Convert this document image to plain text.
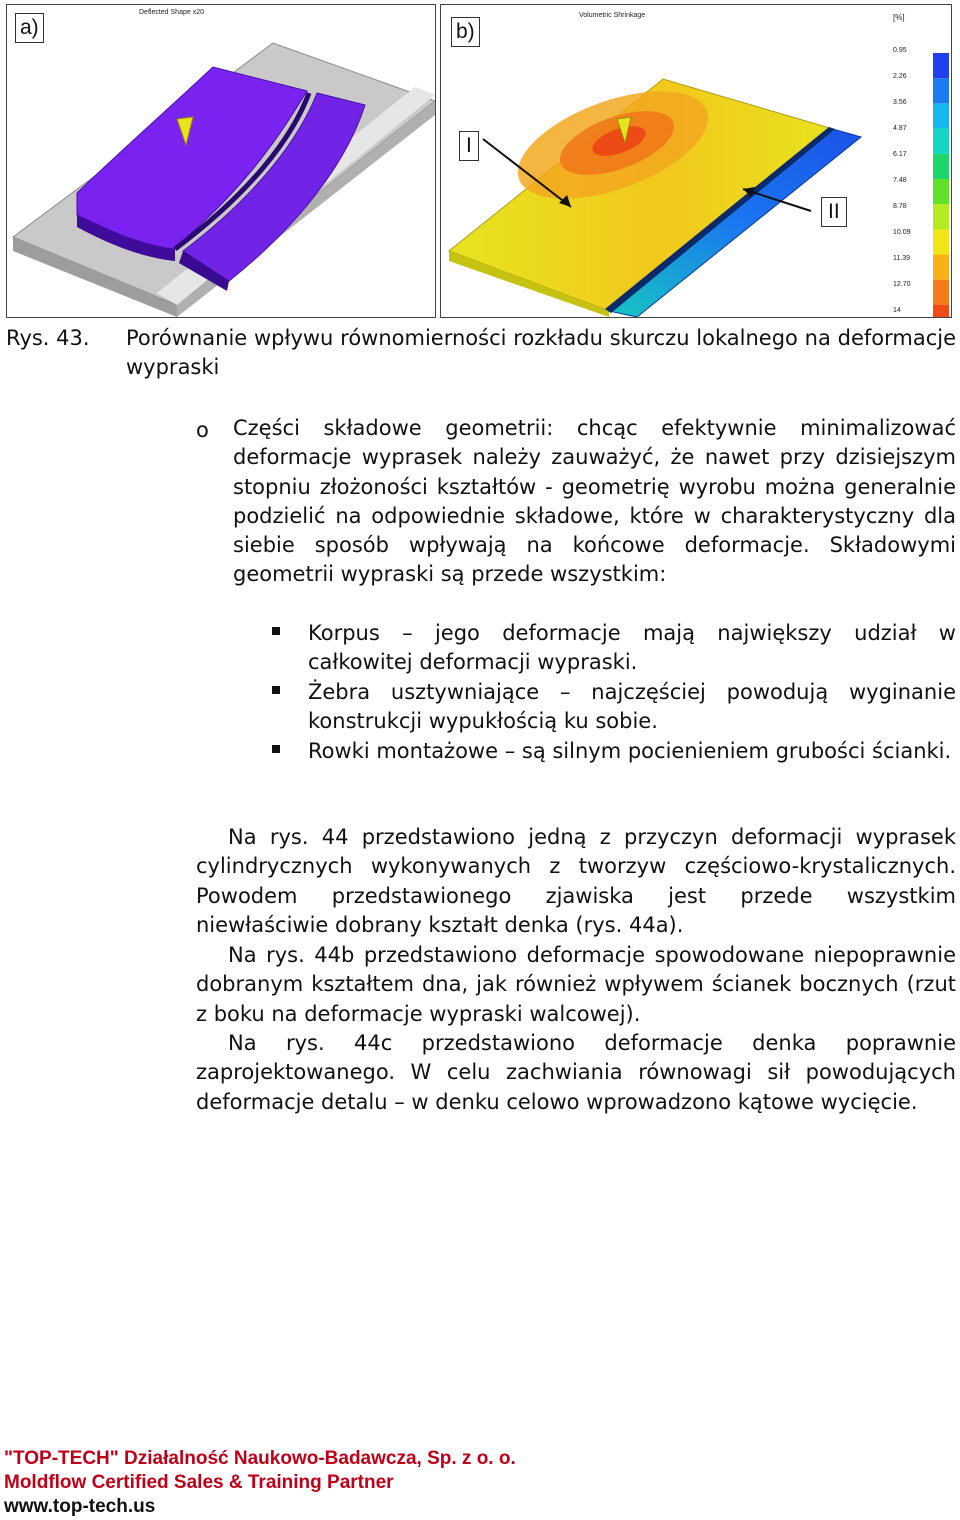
a)
Deflected Shape x20
b)
Volumetric Shrinkage	[%]
I
II
0.95
2.26
3.56
4.87
6.17
7.48
8.78
10.09
11.39
12.70
14
Rys. 43. Porównanie wpływu równomierności rozkładu skurczu lokalnego na deformacje wypraski
o Części składowe geometrii: chcąc efektywnie minimalizować deformacje wyprasek należy zauważyć, że nawet przy dzisiejszym stopniu złożoności kształtów - geometrię wyrobu można generalnie podzielić na odpowiednie składowe, które w charakterystyczny dla siebie sposób wpływają na końcowe deformacje. Składowymi geometrii wypraski są przede wszystkim:
Korpus – jego deformacje mają największy udział w całkowitej deformacji wypraski.
Żebra usztywniające – najczęściej powodują wyginanie konstrukcji wypukłością ku sobie.
Rowki montażowe – są silnym pocienieniem grubości ścianki.
Na rys. 44 przedstawiono jedną z przyczyn deformacji wyprasek cylindrycznych wykonywanych z tworzyw częściowo-krystalicznych. Powodem przedstawionego zjawiska jest przede wszystkim niewłaściwie dobrany kształt denka (rys. 44a).
Na rys. 44b przedstawiono deformacje spowodowane niepoprawnie dobranym kształtem dna, jak również wpływem ścianek bocznych (rzut z boku na deformacje wypraski walcowej).
Na rys. 44c przedstawiono deformacje denka poprawnie zaprojektowanego. W celu zachwiania równowagi sił powodujących deformacje detalu – w denku celowo wprowadzono kątowe wycięcie.
"TOP-TECH" Działalność Naukowo-Badawcza, Sp. z o. o.
Moldflow Certified Sales & Training Partner
www.top-tech.us
